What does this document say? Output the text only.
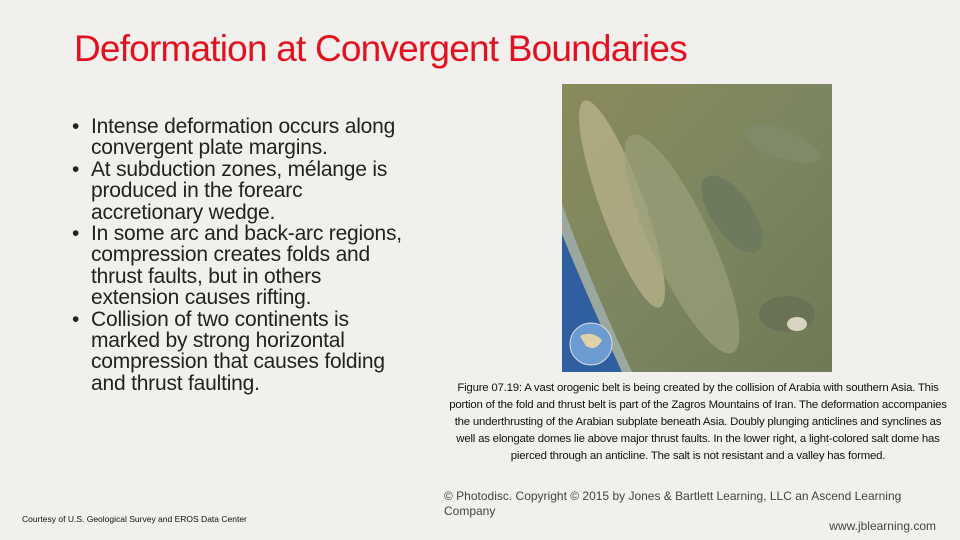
Deformation at Convergent Boundaries
• Intense deformation occurs along
convergent plate margins.
• At subduction zones, mélange is
produced in the forearc
accretionary wedge.
• In some arc and back-arc regions,
compression creates folds and
thrust faults, but in others
extension causes rifting.
• Collision of two continents is
marked by strong horizontal
compression that causes folding
and thrust faulting.	Figure 07.19: A vast orogenic belt is being created by the collision of Arabia with southern Asia. This portion of the fold and thrust belt is part of the Zagros Mountains of Iran. The deformation accompanies the underthrusting of the Arabian subplate beneath Asia. Doubly plunging anticlines and synclines as well as elongate domes lie above major thrust faults. In the lower right, a light-colored salt dome has pierced through an anticline. The salt is not resistant and a valley has formed.
© Photodisc. Copyright © 2015 by Jones & Bartlett Learning, LLC an Ascend Learning Company
www.jblearning.com
Courtesy of U.S. Geological Survey and EROS Data Center
